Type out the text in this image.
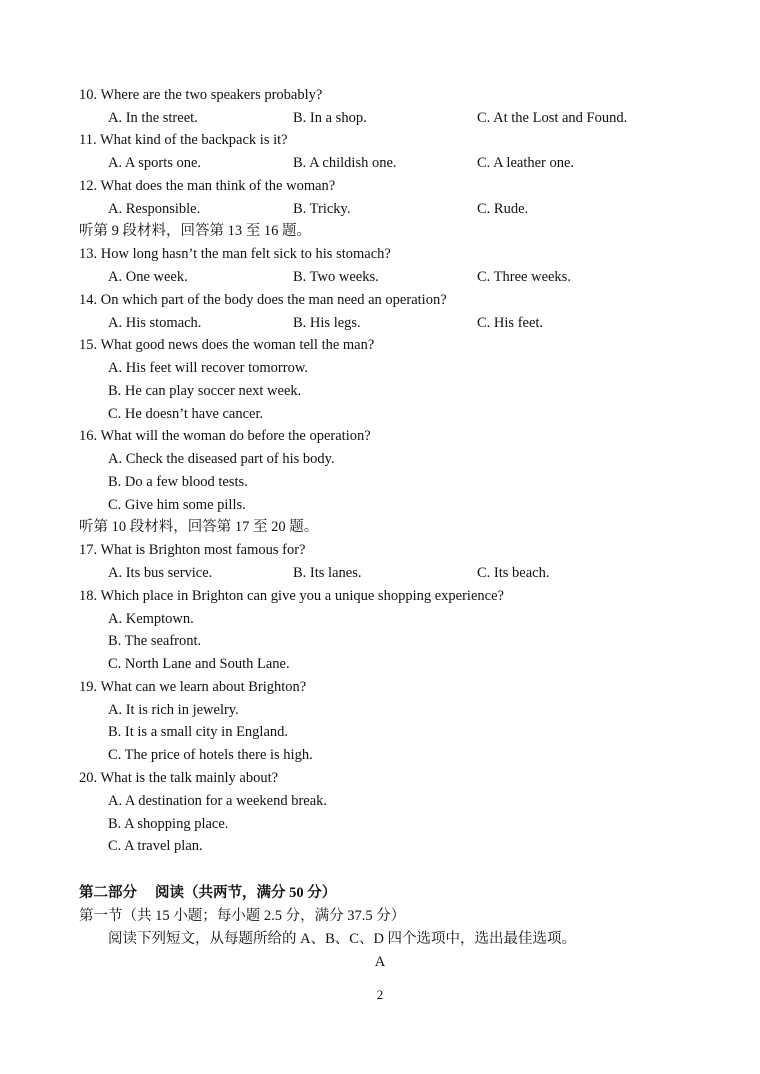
10. Where are the two speakers probably?
A. In the street.	B. In a shop.	C. At the Lost and Found.
11. What kind of the backpack is it?
A. A sports one.	B. A childish one.	C. A leather one.
12. What does the man think of the woman?
A. Responsible.	B. Tricky.	C. Rude.
听第 9 段材料，回答第 13 至 16 题。
13. How long hasn’t the man felt sick to his stomach?
A. One week.	B. Two weeks.	C. Three weeks.
14. On which part of the body does the man need an operation?
A. His stomach.	B. His legs.	C. His feet.
15. What good news does the woman tell the man?
A. His feet will recover tomorrow.
B. He can play soccer next week.
C. He doesn’t have cancer.
16. What will the woman do before the operation?
A. Check the diseased part of his body.
B. Do a few blood tests.
C. Give him some pills.
听第 10 段材料，回答第 17 至 20 题。
17. What is Brighton most famous for?
A. Its bus service.	B. Its lanes.	C. Its beach.
18. Which place in Brighton can give you a unique shopping experience?
A. Kemptown.
B. The seafront.
C. North Lane and South Lane.
19. What can we learn about Brighton?
A. It is rich in jewelry.
B. It is a small city in England.
C. The price of hotels there is high.
20. What is the talk mainly about?
A. A destination for a weekend break.
B. A shopping place.
C. A travel plan.
第二部分 阅读（共两节，满分 50 分）
第一节（共 15 小题；每小题 2.5 分，满分 37.5 分）
阅读下列短文，从每题所给的 A、B、C、D 四个选项中，选出最佳选项。
A
2
